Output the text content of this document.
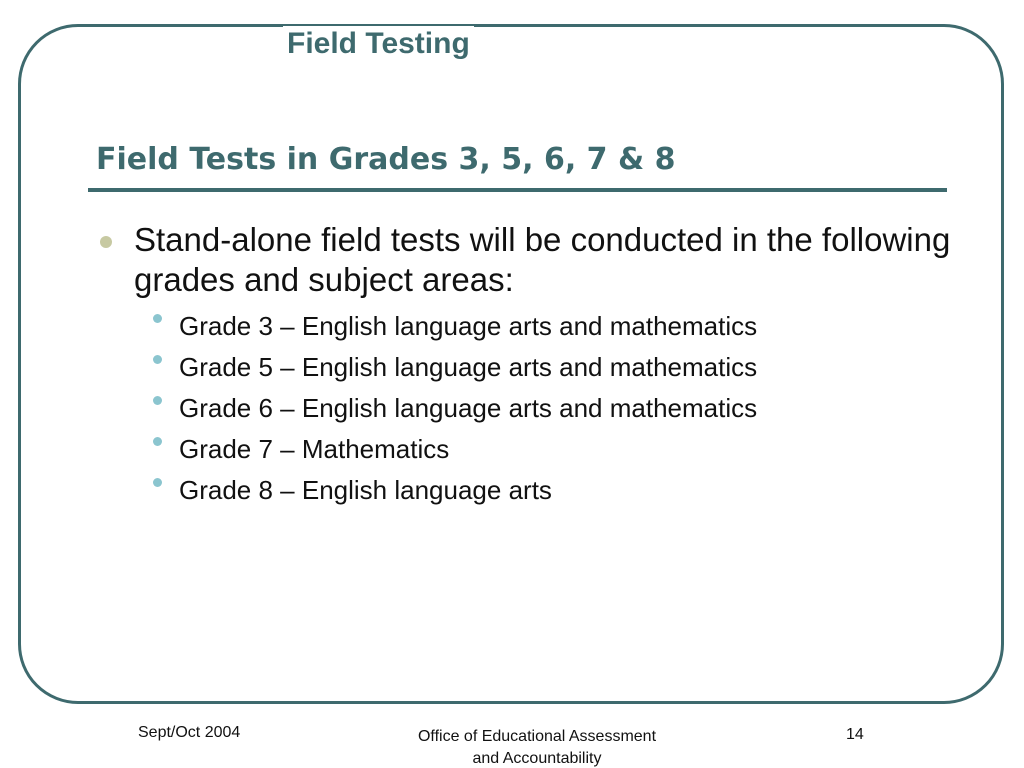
Field Testing
Field Tests in Grades 3, 5, 6, 7 & 8
Stand-alone field tests will be conducted in the following grades and subject areas:
Grade 3 – English language arts and mathematics
Grade 5 – English language arts and mathematics
Grade 6 – English language arts and mathematics
Grade 7 – Mathematics
Grade 8 – English language arts
Sept/Oct 2004	Office of Educational Assessment
and Accountability
14
